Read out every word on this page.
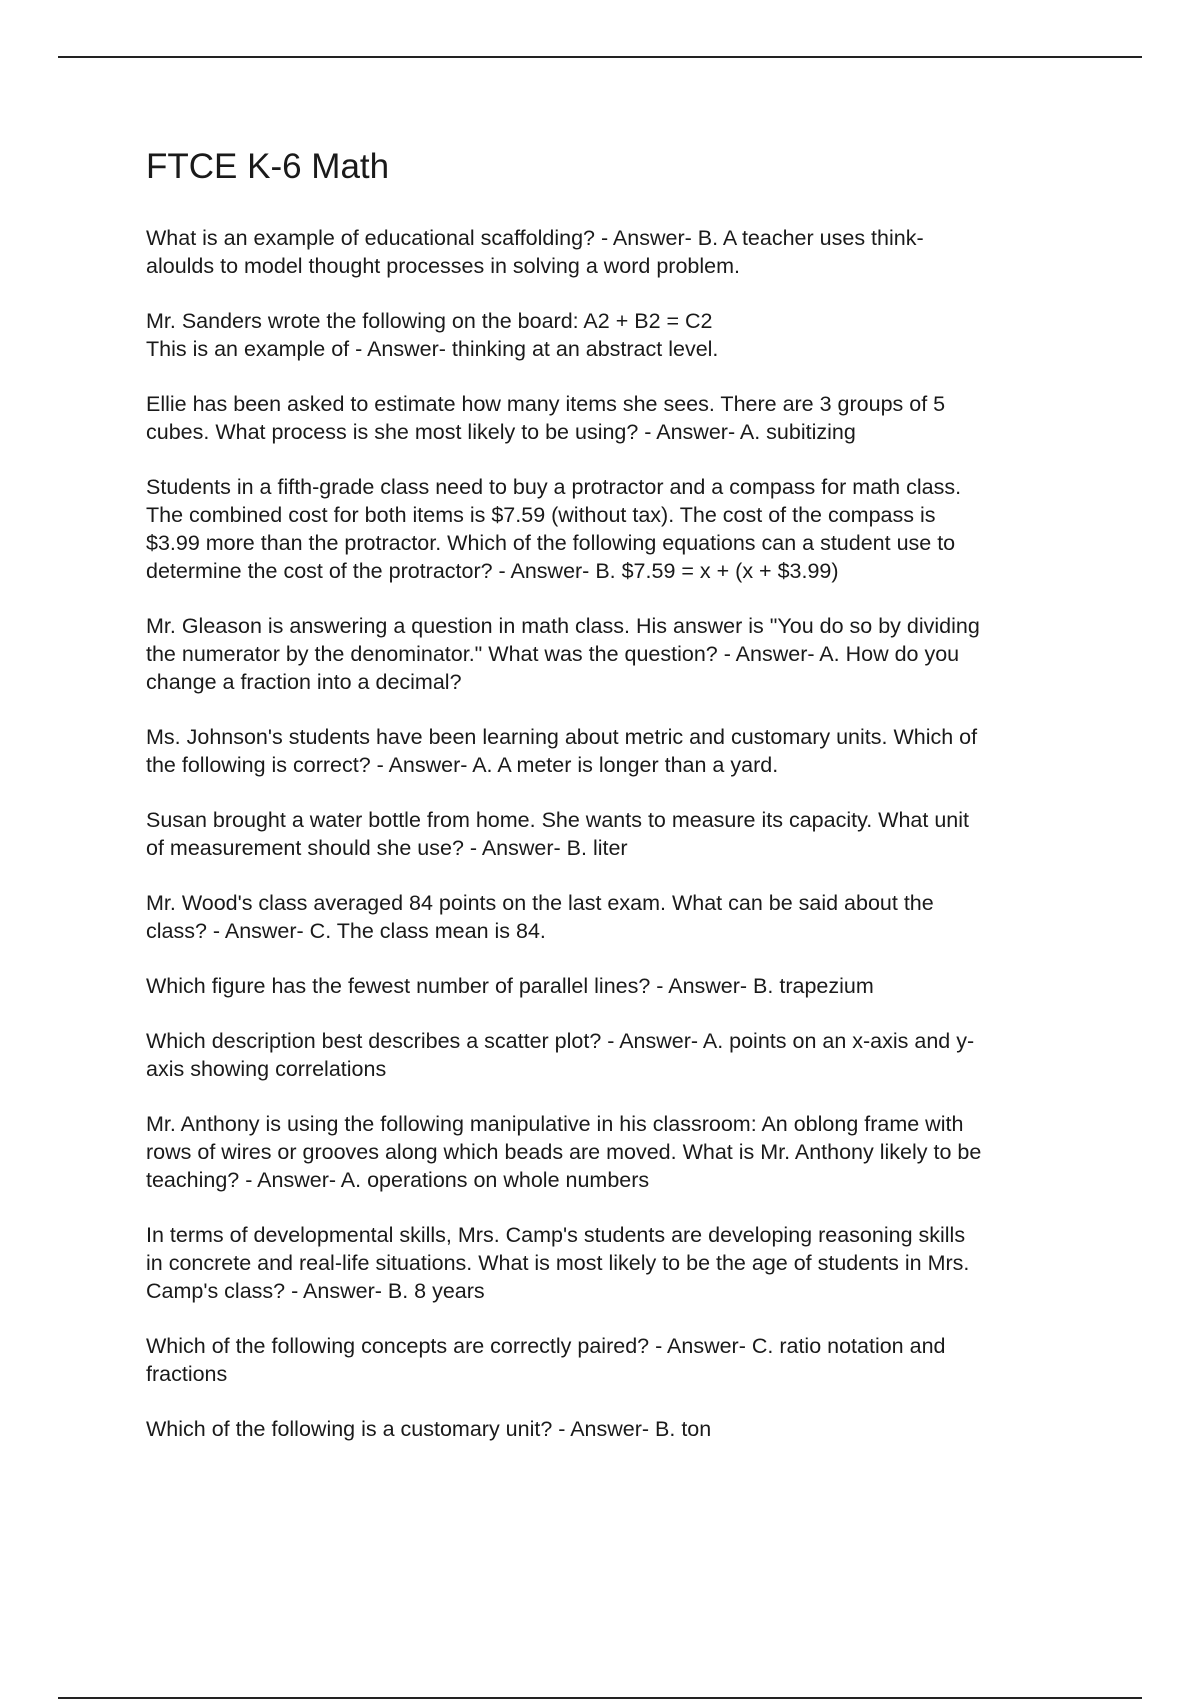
FTCE K-6 Math
What is an example of educational scaffolding? - Answer- B. A teacher uses think-
aloulds to model thought processes in solving a word problem.
Mr. Sanders wrote the following on the board: A2 + B2 = C2
This is an example of - Answer- thinking at an abstract level.
Ellie has been asked to estimate how many items she sees. There are 3 groups of 5
cubes. What process is she most likely to be using? - Answer- A. subitizing
Students in a fifth-grade class need to buy a protractor and a compass for math class.
The combined cost for both items is $7.59 (without tax). The cost of the compass is
$3.99 more than the protractor. Which of the following equations can a student use to
determine the cost of the protractor? - Answer- B. $7.59 = x + (x + $3.99)
Mr. Gleason is answering a question in math class. His answer is "You do so by dividing
the numerator by the denominator." What was the question? - Answer- A. How do you
change a fraction into a decimal?
Ms. Johnson's students have been learning about metric and customary units. Which of
the following is correct? - Answer- A. A meter is longer than a yard.
Susan brought a water bottle from home. She wants to measure its capacity. What unit
of measurement should she use? - Answer- B. liter
Mr. Wood's class averaged 84 points on the last exam. What can be said about the
class? - Answer- C. The class mean is 84.
Which figure has the fewest number of parallel lines? - Answer- B. trapezium
Which description best describes a scatter plot? - Answer- A. points on an x-axis and y-
axis showing correlations
Mr. Anthony is using the following manipulative in his classroom: An oblong frame with
rows of wires or grooves along which beads are moved. What is Mr. Anthony likely to be
teaching? - Answer- A. operations on whole numbers
In terms of developmental skills, Mrs. Camp's students are developing reasoning skills
in concrete and real-life situations. What is most likely to be the age of students in Mrs.
Camp's class? - Answer- B. 8 years
Which of the following concepts are correctly paired? - Answer- C. ratio notation and
fractions
Which of the following is a customary unit? - Answer- B. ton
